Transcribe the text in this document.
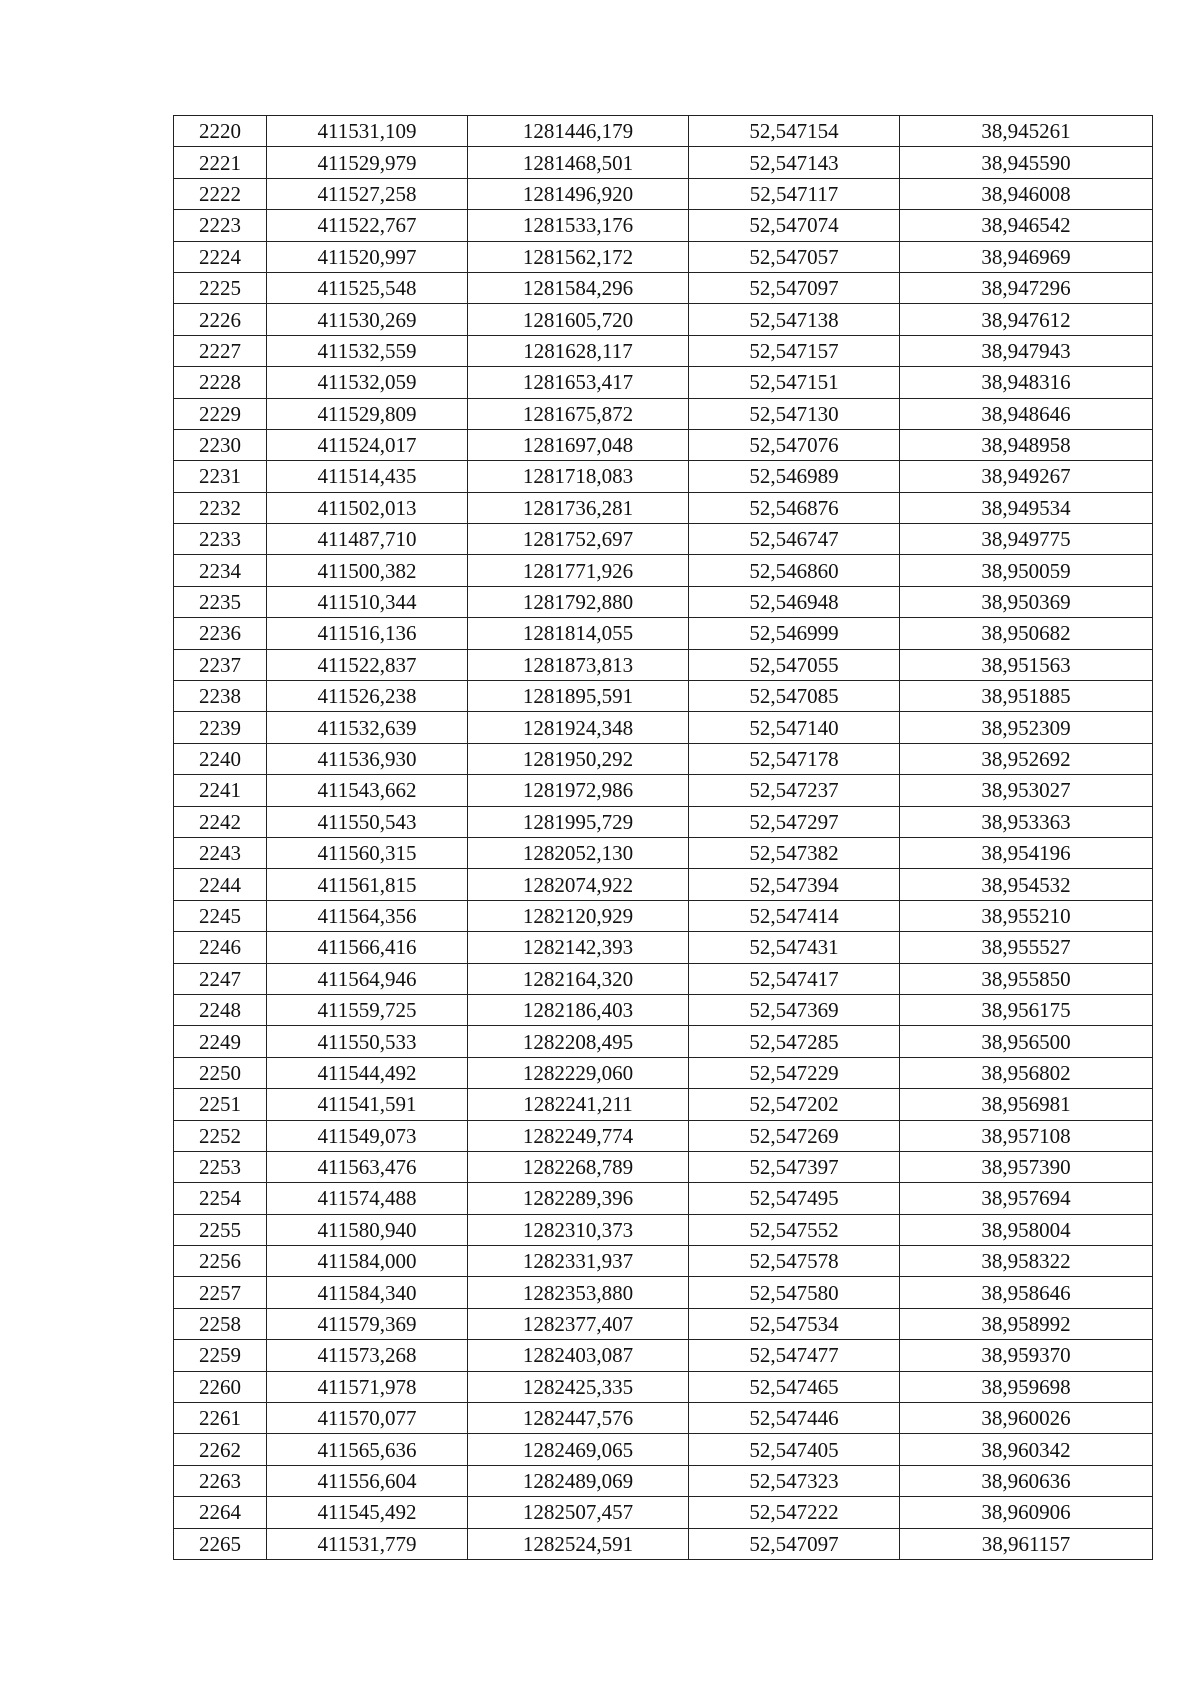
2220	411531,109	1281446,179	52,547154	38,945261
2221	411529,979	1281468,501	52,547143	38,945590
2222	411527,258	1281496,920	52,547117	38,946008
2223	411522,767	1281533,176	52,547074	38,946542
2224	411520,997	1281562,172	52,547057	38,946969
2225	411525,548	1281584,296	52,547097	38,947296
2226	411530,269	1281605,720	52,547138	38,947612
2227	411532,559	1281628,117	52,547157	38,947943
2228	411532,059	1281653,417	52,547151	38,948316
2229	411529,809	1281675,872	52,547130	38,948646
2230	411524,017	1281697,048	52,547076	38,948958
2231	411514,435	1281718,083	52,546989	38,949267
2232	411502,013	1281736,281	52,546876	38,949534
2233	411487,710	1281752,697	52,546747	38,949775
2234	411500,382	1281771,926	52,546860	38,950059
2235	411510,344	1281792,880	52,546948	38,950369
2236	411516,136	1281814,055	52,546999	38,950682
2237	411522,837	1281873,813	52,547055	38,951563
2238	411526,238	1281895,591	52,547085	38,951885
2239	411532,639	1281924,348	52,547140	38,952309
2240	411536,930	1281950,292	52,547178	38,952692
2241	411543,662	1281972,986	52,547237	38,953027
2242	411550,543	1281995,729	52,547297	38,953363
2243	411560,315	1282052,130	52,547382	38,954196
2244	411561,815	1282074,922	52,547394	38,954532
2245	411564,356	1282120,929	52,547414	38,955210
2246	411566,416	1282142,393	52,547431	38,955527
2247	411564,946	1282164,320	52,547417	38,955850
2248	411559,725	1282186,403	52,547369	38,956175
2249	411550,533	1282208,495	52,547285	38,956500
2250	411544,492	1282229,060	52,547229	38,956802
2251	411541,591	1282241,211	52,547202	38,956981
2252	411549,073	1282249,774	52,547269	38,957108
2253	411563,476	1282268,789	52,547397	38,957390
2254	411574,488	1282289,396	52,547495	38,957694
2255	411580,940	1282310,373	52,547552	38,958004
2256	411584,000	1282331,937	52,547578	38,958322
2257	411584,340	1282353,880	52,547580	38,958646
2258	411579,369	1282377,407	52,547534	38,958992
2259	411573,268	1282403,087	52,547477	38,959370
2260	411571,978	1282425,335	52,547465	38,959698
2261	411570,077	1282447,576	52,547446	38,960026
2262	411565,636	1282469,065	52,547405	38,960342
2263	411556,604	1282489,069	52,547323	38,960636
2264	411545,492	1282507,457	52,547222	38,960906
2265	411531,779	1282524,591	52,547097	38,961157
